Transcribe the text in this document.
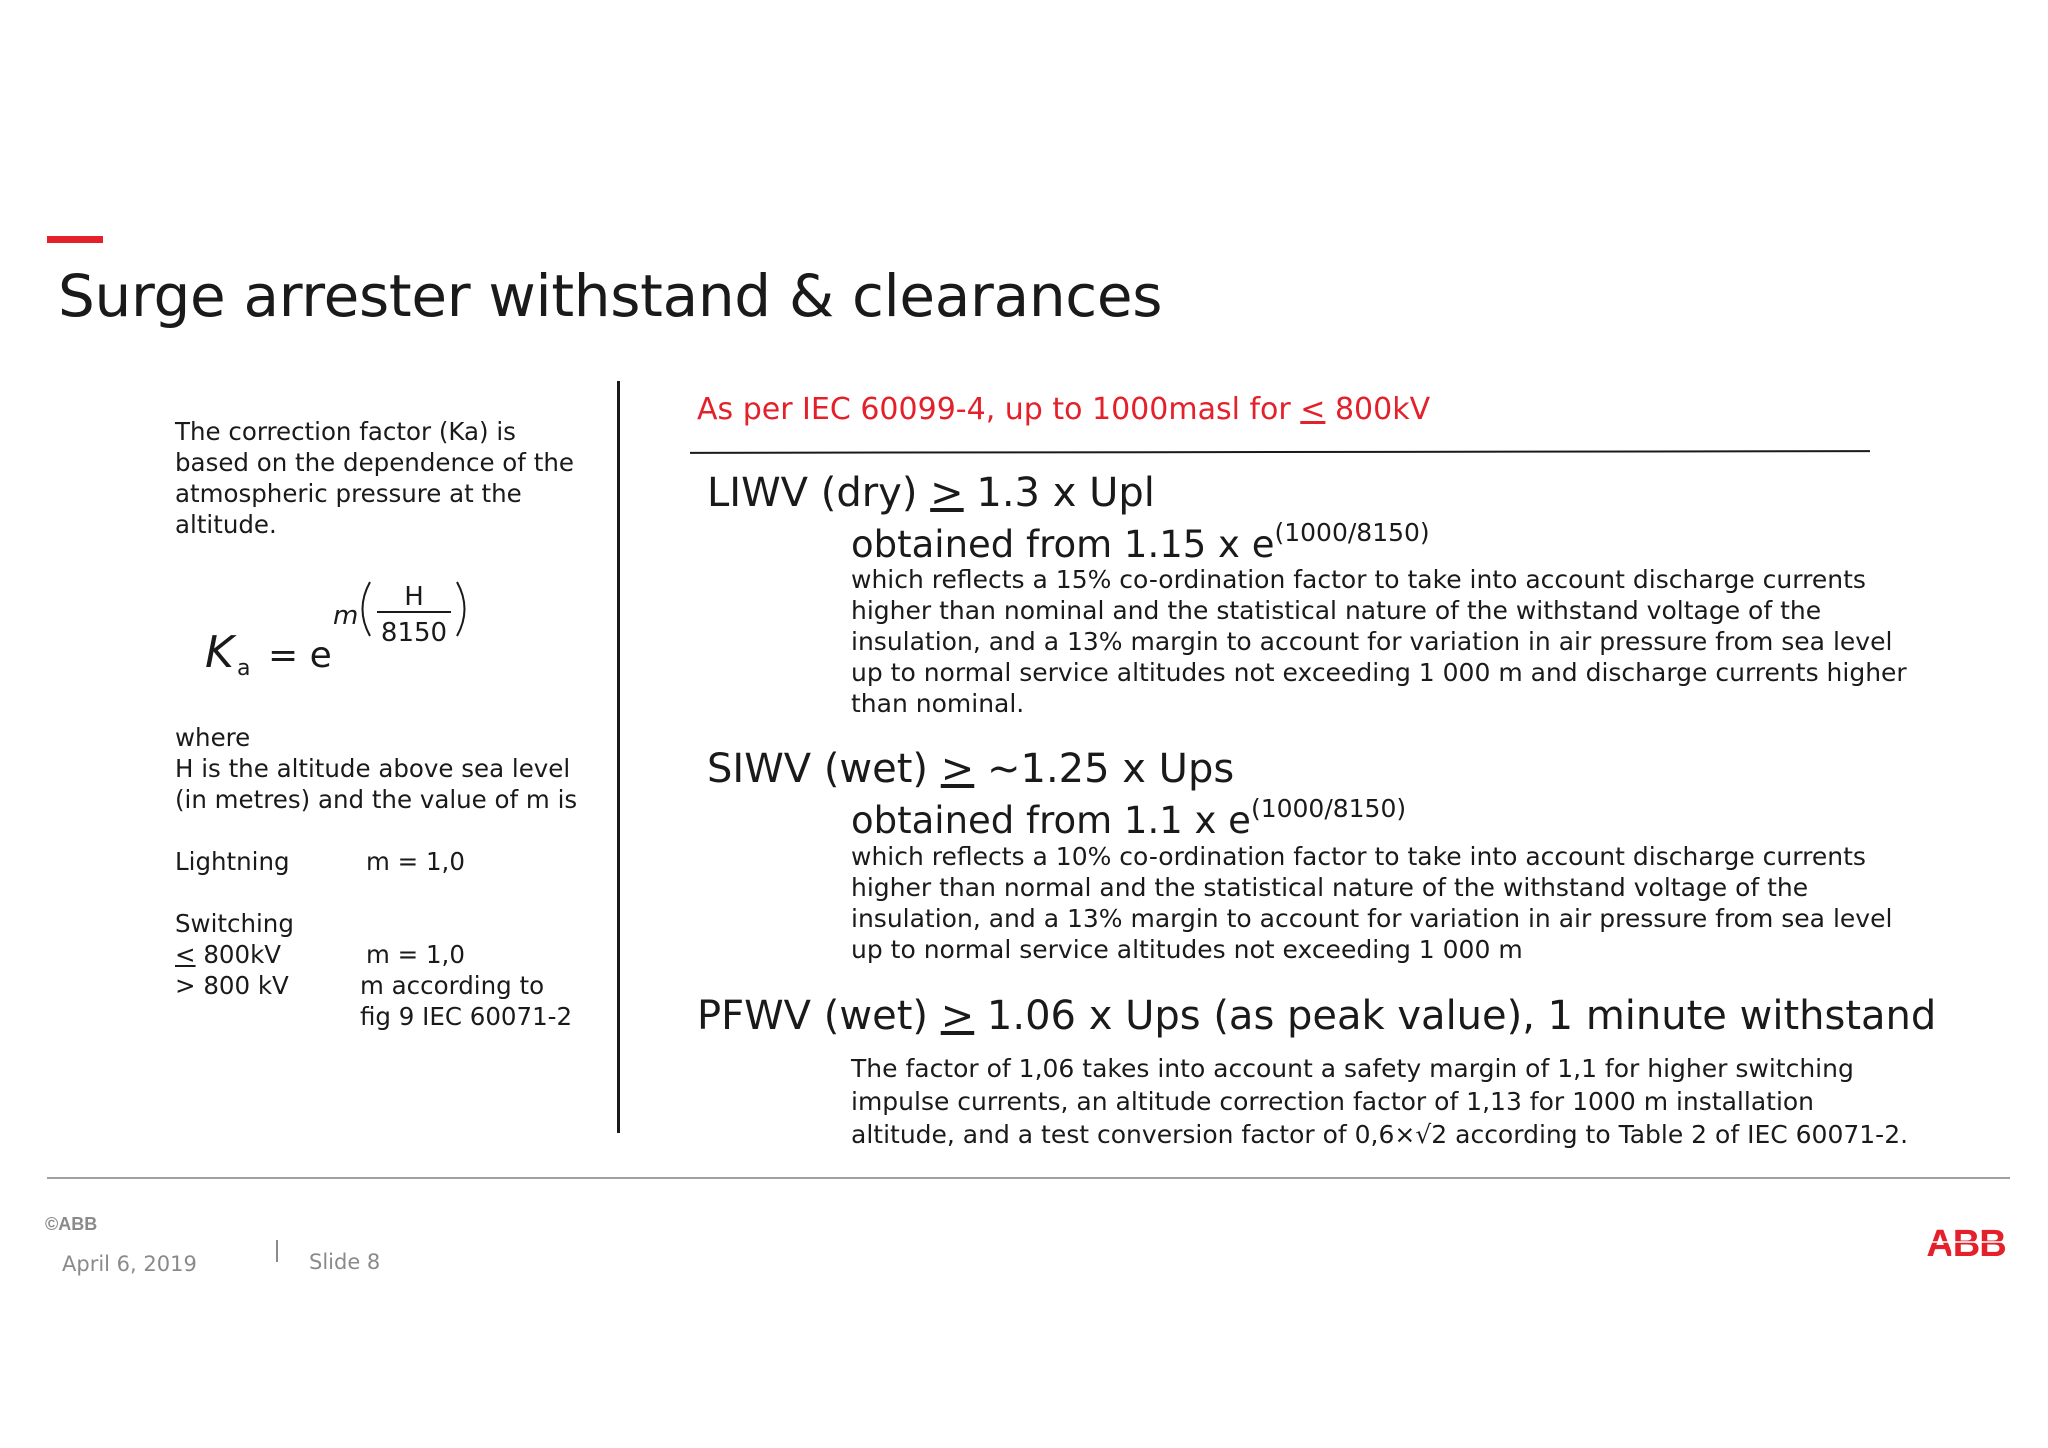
Surge arrester withstand & clearances
The correction factor (Ka) is
based on the dependence of the
atmospheric pressure at the
altitude.
K a = e
m
H
8150
where
H is the altitude above sea level
(in metres) and the value of m is
Lightning	m = 1,0
Switching
< 800kV	m = 1,0
> 800 kV	m according to
fig 9 IEC 60071-2
As per IEC 60099-4, up to 1000masl for < 800kV
LIWV (dry) > 1.3 x Upl
obtained from 1.15 x $e^{(1000/8150)}$
which reflects a 15% co-ordination factor to take into account discharge currents
higher than nominal and the statistical nature of the withstand voltage of the
insulation, and a 13% margin to account for variation in air pressure from sea level
up to normal service altitudes not exceeding 1 000 m and discharge currents higher
than nominal.
SIWV (wet) > ~1.25 x Ups
obtained from 1.1 x $e^{(1000/8150)}$
which reflects a 10% co-ordination factor to take into account discharge currents
higher than normal and the statistical nature of the withstand voltage of the
insulation, and a 13% margin to account for variation in air pressure from sea level
up to normal service altitudes not exceeding 1 000 m
PFWV (wet) > 1.06 x Ups (as peak value), 1 minute withstand
The factor of 1,06 takes into account a safety margin of 1,1 for higher switching
impulse currents, an altitude correction factor of 1,13 for 1000 m installation
altitude, and a test conversion factor of 0,6×√2 according to Table 2 of IEC 60071-2.
©ABB
April 6, 2019	Slide 8	ABB
